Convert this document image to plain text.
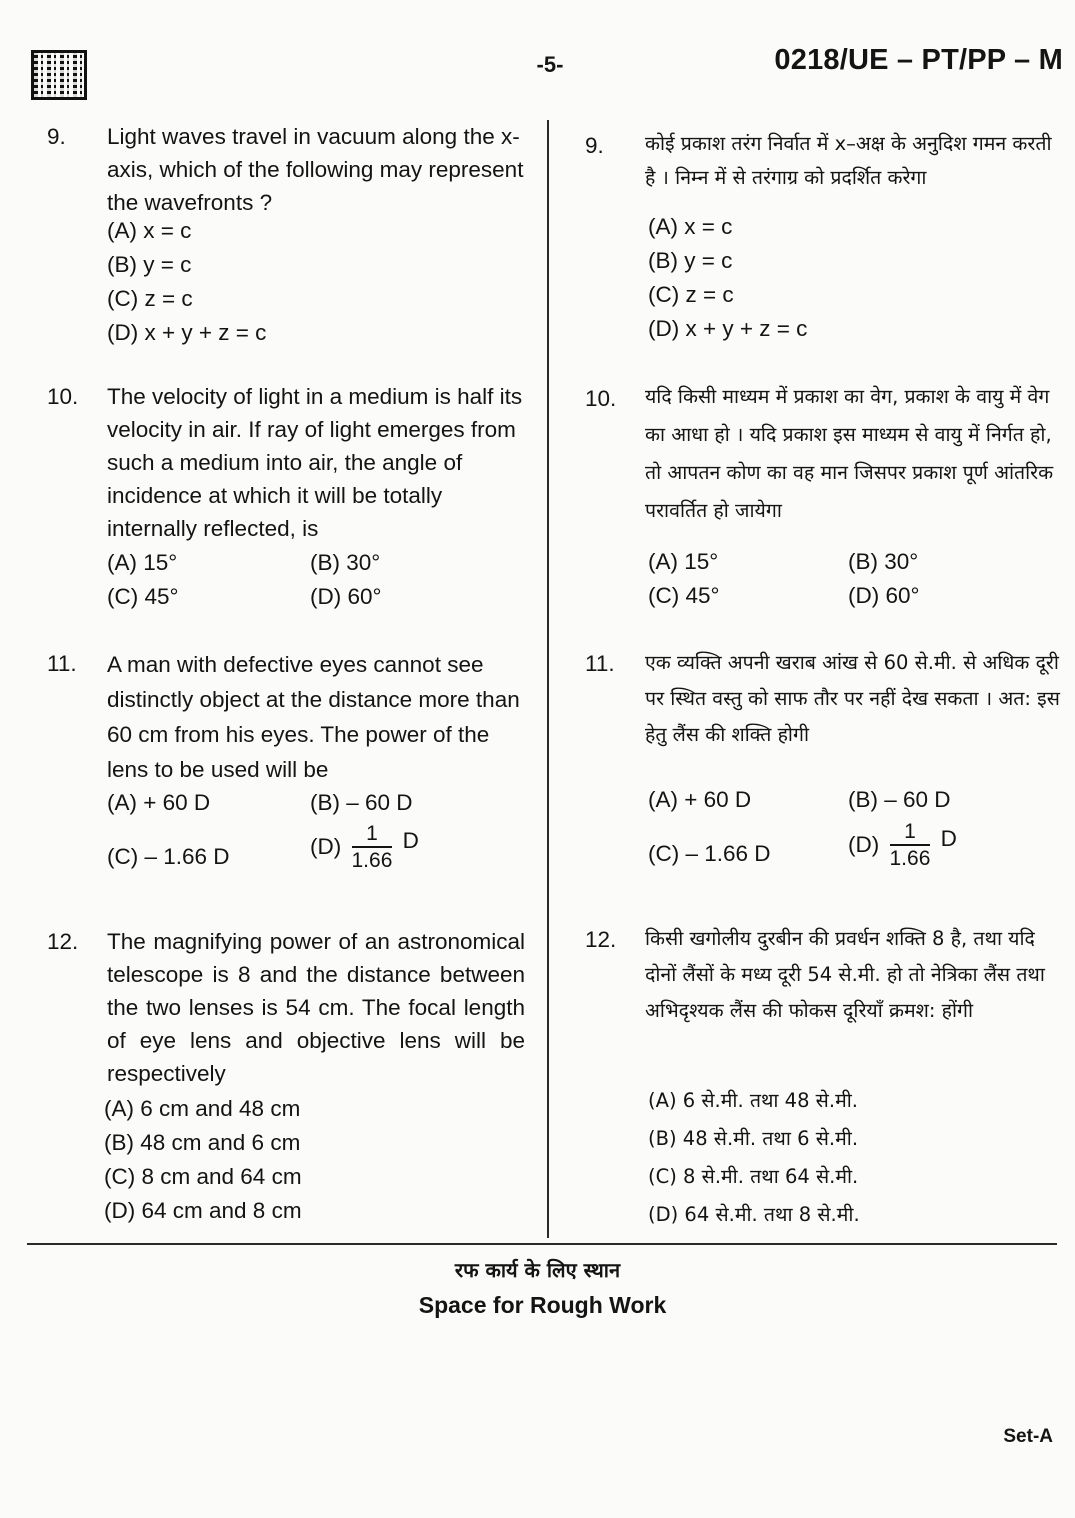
-5-	0218/UE – PT/PP – M
9. Light waves travel in vacuum along the x-axis, which of the following may represent the wavefronts ?
(A) x = c
(B) y = c
(C) z = c
(D) x + y + z = c
10. The velocity of light in a medium is half its velocity in air. If ray of light emerges from such a medium into air, the angle of incidence at which it will be totally internally reflected, is
(A) 15°	(B) 30°
(C) 45°	(D) 60°
11. A man with defective eyes cannot see distinctly object at the distance more than 60 cm from his eyes. The power of the lens to be used will be
(A) + 60 D	(B) – 60 D
(C) – 1.66 D	$(D) \frac{1}{1.66}$ D
12. The magnifying power of an astronomical telescope is 8 and the distance between the two lenses is 54 cm. The focal length of eye lens and objective lens will be respectively
(A) 6 cm and 48 cm
(B) 48 cm and 6 cm
(C) 8 cm and 64 cm
(D) 64 cm and 8 cm
9. कोई प्रकाश तरंग निर्वात में x–अक्ष के अनुदिश गमन करती है । निम्न में से तरंगाग्र को प्रदर्शित करेगा
(A) x = c
(B) y = c
(C) z = c
(D) x + y + z = c
10. यदि किसी माध्यम में प्रकाश का वेग, प्रकाश के वायु में वेग का आधा हो । यदि प्रकाश इस माध्यम से वायु में निर्गत हो, तो आपतन कोण का वह मान जिसपर प्रकाश पूर्ण आंतरिक परावर्तित हो जायेगा
(A) 15°	(B) 30°
(C) 45°	(D) 60°
11. एक व्यक्ति अपनी खराब आंख से 60 से.मी. से अधिक दूरी पर स्थित वस्तु को साफ तौर पर नहीं देख सकता । अत: इस हेतु लैंस की शक्ति होगी
(A) + 60 D	(B) – 60 D
(C) – 1.66 D	$(D) \frac{1}{1.66}$ D
12. किसी खगोलीय दुरबीन की प्रवर्धन शक्ति 8 है, तथा यदि दोनों लैंसों के मध्य दूरी 54 से.मी. हो तो नेत्रिका लैंस तथा अभिदृश्यक लैंस की फोकस दूरियाँ क्रमश: होंगी
(A) 6 से.मी. तथा 48 से.मी.
(B) 48 से.मी. तथा 6 से.मी.
(C) 8 से.मी. तथा 64 से.मी.
(D) 64 से.मी. तथा 8 से.मी.
रफ कार्य के लिए स्थान
Space for Rough Work
Set-A
